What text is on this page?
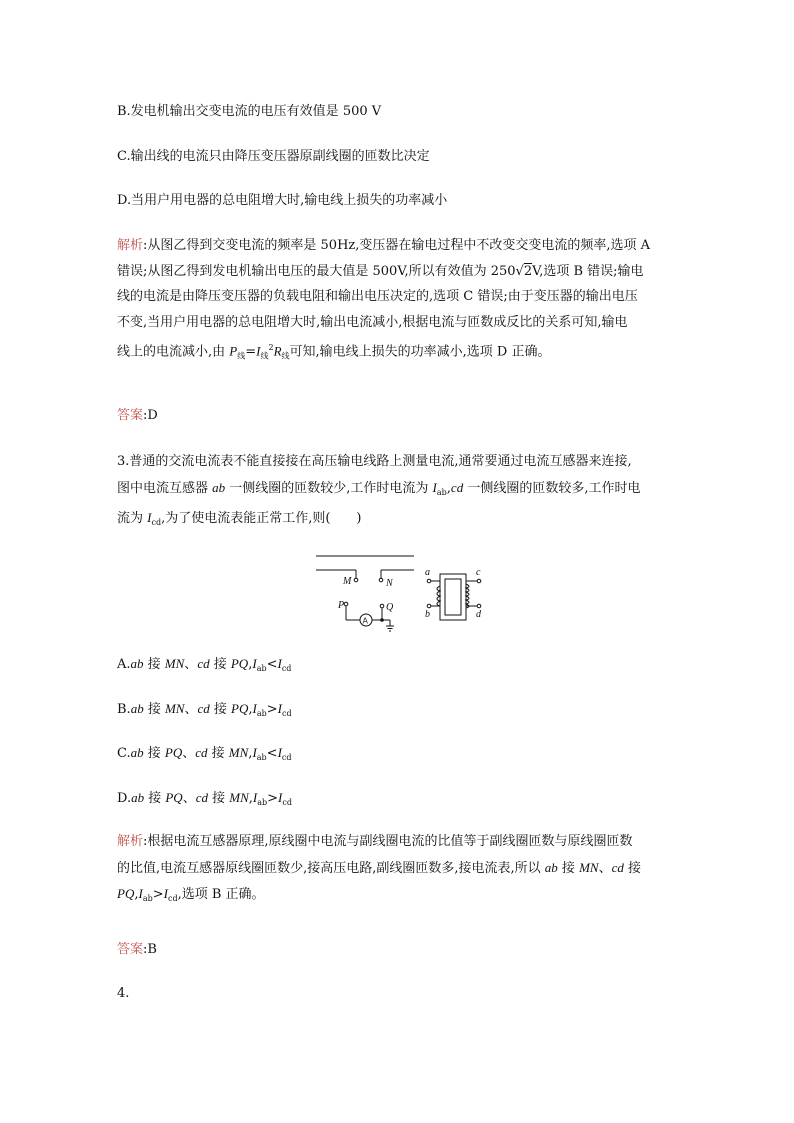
B.发电机输出交变电流的电压有效值是 500 V
C.输出线的电流只由降压变压器原副线圈的匝数比决定
D.当用户用电器的总电阻增大时,输电线上损失的功率减小

解析:从图乙得到交变电流的频率是 50Hz,变压器在输电过程中不改变交变电流的频率,选项 A

错误;从图乙得到发电机输出电压的最大值是 500V,所以有效值为 250√2V,选项 B 错误;输电

线的电流是由降压变压器的负载电阻和输出电压决定的,选项 C 错误;由于变压器的输出电压

不变,当用户用电器的总电阻增大时,输出电流减小,根据电流与匝数成反比的关系可知,输电

线上的电流减小,由 $P_线=I_线^2R_线$可知,输电线上损失的功率减小,选项 D 正确。

答案:D

3.普通的交流电流表不能直接接在高压输电线路上测量电流,通常要通过电流互感器来连接,

图中电流互感器 ab 一侧线圈的匝数较少,工作时电流为 $I_{ab},cd$ 一侧线圈的匝数较多,工作时电

流为 $I_{cd}$,为了使电流表能正常工作,则(　　)

M	N
P	Q
a
b
c
d
A
A.ab 接 MN、cd 接 $PQ,I_{ab}<I_{cd}$
B.ab 接 MN、cd 接 $PQ,I_{ab}>I_{cd}$
C.ab 接 PQ、cd 接 $MN,I_{ab}<I_{cd}$
D.ab 接 PQ、cd 接 $MN,I_{ab}>I_{cd}$

解析:根据电流互感器原理,原线圈中电流与副线圈电流的比值等于副线圈匝数与原线圈匝数

的比值,电流互感器原线圈匝数少,接高压电路,副线圈匝数多,接电流表,所以 ab 接 MN、cd 接

$PQ,I_{ab}>I_{cd}$,选项 B 正确。

答案:B
4.
